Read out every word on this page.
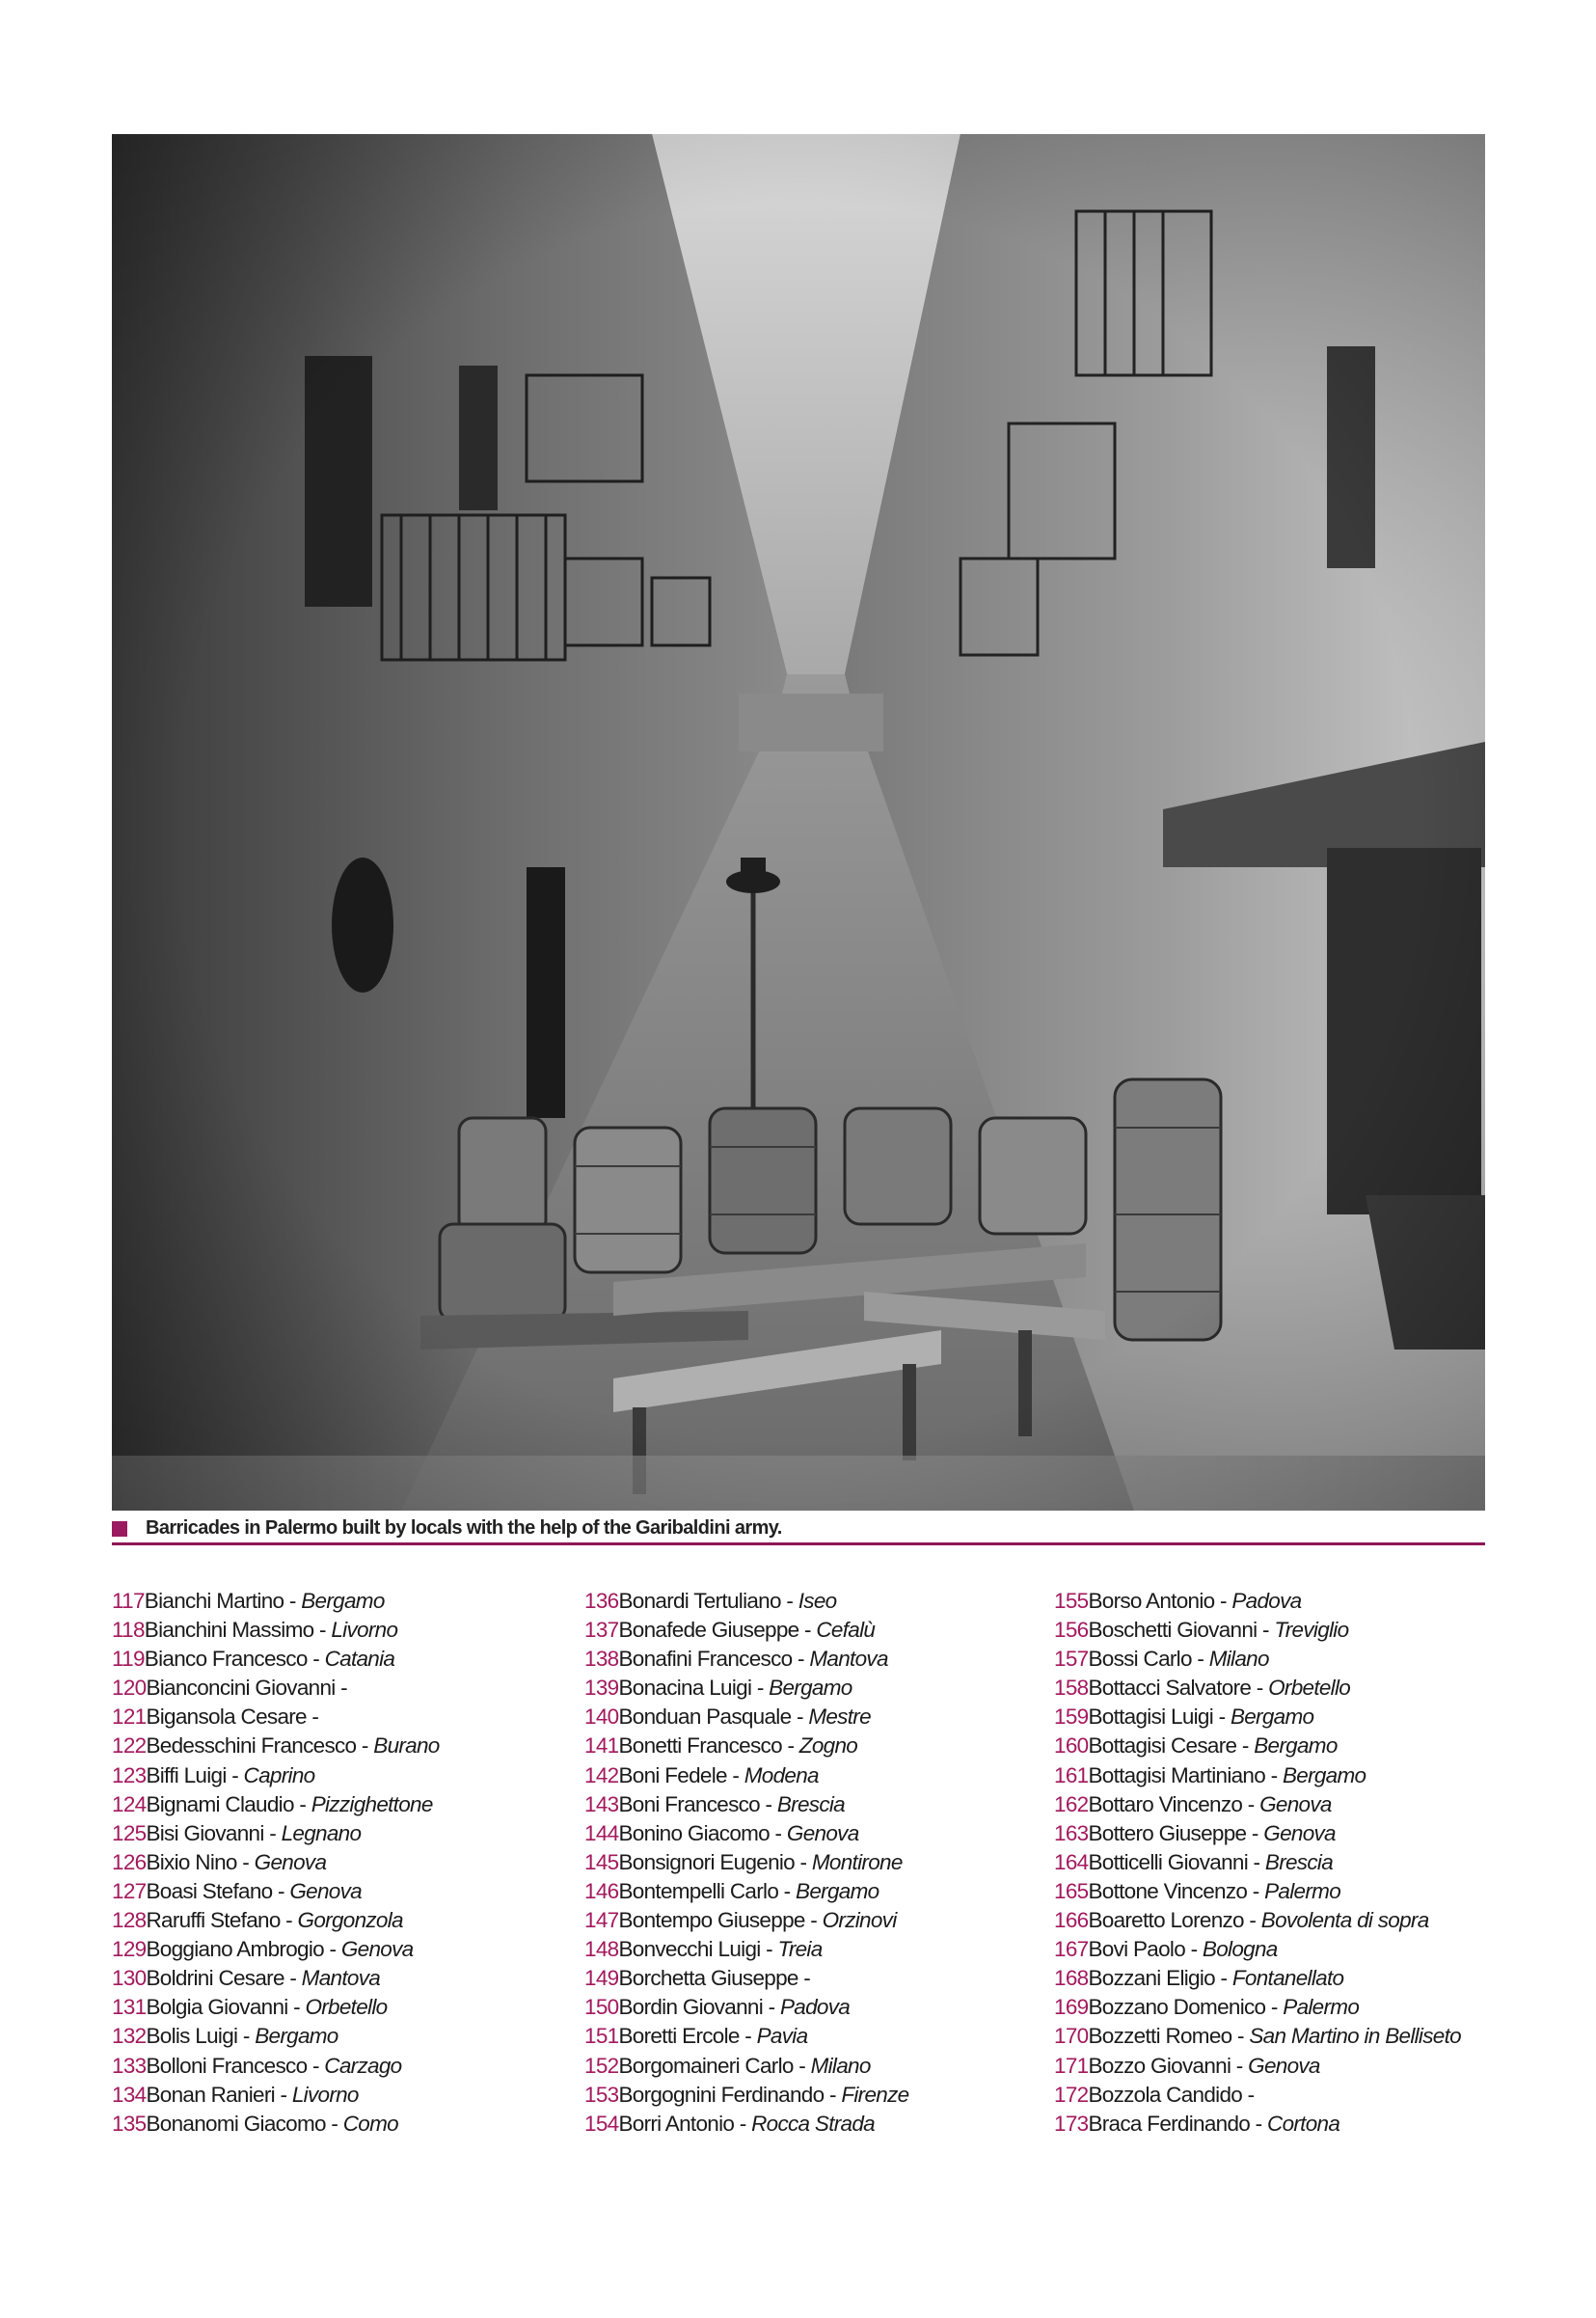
Barricades in Palermo built by locals with the help of the Garibaldini army.
117Bianchi Martino - Bergamo
118Bianchini Massimo - Livorno
119Bianco Francesco - Catania
120Bianconcini Giovanni -
121Bigansola Cesare -
122Bedesschini Francesco - Burano
123Biffi Luigi - Caprino
124Bignami Claudio - Pizzighettone
125Bisi Giovanni - Legnano
126Bixio Nino - Genova
127Boasi Stefano - Genova
128Raruffi Stefano - Gorgonzola
129Boggiano Ambrogio - Genova
130Boldrini Cesare - Mantova
131Bolgia Giovanni - Orbetello
132Bolis Luigi - Bergamo
133Bolloni Francesco - Carzago
134Bonan Ranieri - Livorno
135Bonanomi Giacomo - Como
136Bonardi Tertuliano - Iseo
137Bonafede Giuseppe - Cefalù
138Bonafini Francesco - Mantova
139Bonacina Luigi - Bergamo
140Bonduan Pasquale - Mestre
141Bonetti Francesco - Zogno
142Boni Fedele - Modena
143Boni Francesco - Brescia
144Bonino Giacomo - Genova
145Bonsignori Eugenio - Montirone
146Bontempelli Carlo - Bergamo
147Bontempo Giuseppe - Orzinovi
148Bonvecchi Luigi - Treia
149Borchetta Giuseppe -
150Bordin Giovanni - Padova
151Boretti Ercole - Pavia
152Borgomaineri Carlo - Milano
153Borgognini Ferdinando - Firenze
154Borri Antonio - Rocca Strada
155Borso Antonio - Padova
156Boschetti Giovanni - Treviglio
157Bossi Carlo - Milano
158Bottacci Salvatore - Orbetello
159Bottagisi Luigi - Bergamo
160Bottagisi Cesare - Bergamo
161Bottagisi Martiniano - Bergamo
162Bottaro Vincenzo - Genova
163Bottero Giuseppe - Genova
164Botticelli Giovanni - Brescia
165Bottone Vincenzo - Palermo
166Boaretto Lorenzo - Bovolenta di sopra
167Bovi Paolo - Bologna
168Bozzani Eligio - Fontanellato
169Bozzano Domenico - Palermo
170Bozzetti Romeo - San Martino in Belliseto
171Bozzo Giovanni - Genova
172Bozzola Candido -
173Braca Ferdinando - Cortona
